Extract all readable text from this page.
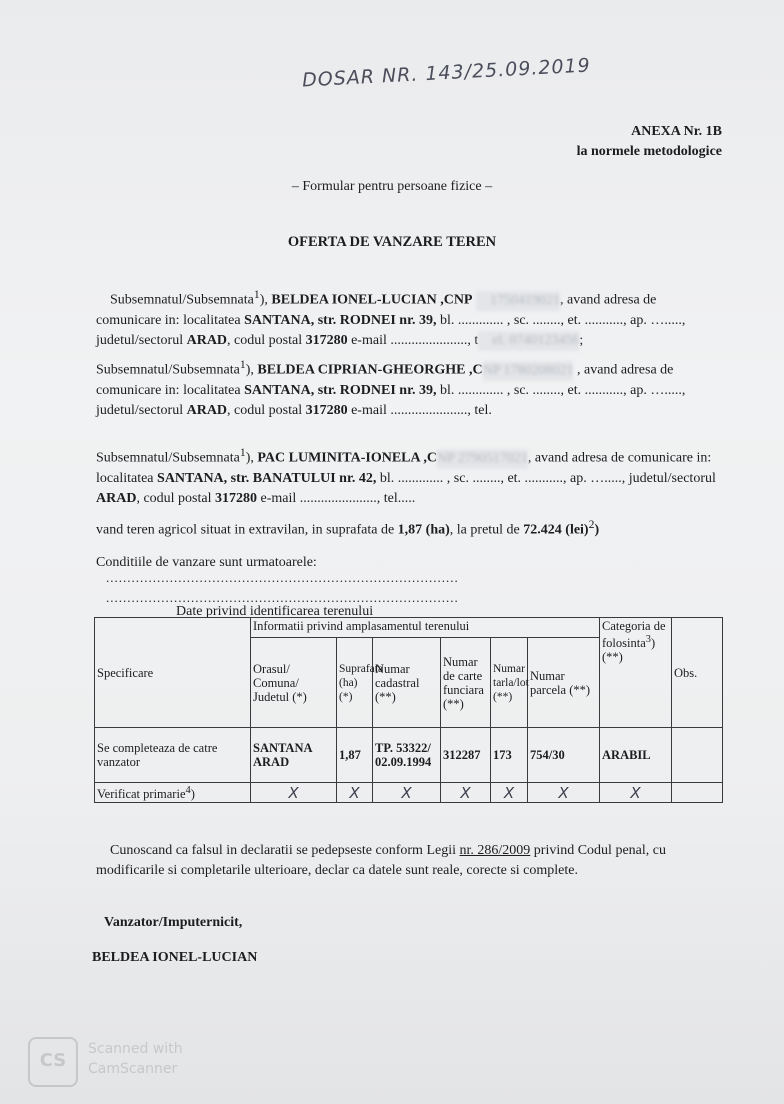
DOSAR NR. 143/25.09.2019
ANEXA Nr. 1B
la normele metodologice
– Formular pentru persoane fizice –
OFERTA DE VANZARE TEREN
Subsemnatul/Subsemnata$^1$), BELDEA IONEL-LUCIAN ,CNP 1750419021, avand adresa de comunicare in: localitatea SANTANA, str. RODNEI nr. 39, bl. ............. , sc. ........, et. ..........., ap. …....., judetul/sectorul ARAD, codul postal 317280 e-mail ......................, t el. 0740123456;
Subsemnatul/Subsemnata$^1$), BELDEA CIPRIAN-GHEORGHE ,CNP 1780208021 , avand adresa de comunicare in: localitatea SANTANA, str. RODNEI nr. 39, bl. ............. , sc. ........, et. ..........., ap. …....., judetul/sectorul ARAD, codul postal 317280 e-mail ......................, tel.
Subsemnatul/Subsemnata$^1$), PAC LUMINITA-IONELA ,CNP 2790517021, avand adresa de comunicare in: localitatea SANTANA, str. BANATULUI nr. 42, bl. ............. , sc. ........, et. ..........., ap. …....., judetul/sectorul ARAD, codul postal 317280 e-mail ......................, tel.....
vand teren agricol situat in extravilan, in suprafata de 1,87 (ha), la pretul de 72.424 (lei)$^2$)
Conditiile de vanzare sunt urmatoarele:
...................................................................................
...................................................................................
Date privind identificarea terenului
Specificare	Informatii privind amplasamentul terenului						Categoria de folosinta$^3$) (**)	Obs.
	Orasul/ Comuna/ Judetul (*)	Suprafata (ha) (*)	Numar cadastral (**)	Numar de carte funciara (**)	Numar tarla/lot (**)	Numar parcela (**)		
Se completeaza de catre vanzator	SANTANA ARAD	1,87	TP. 53322/ 02.09.1994	312287	173	754/30	ARABIL	
Verificat primarie$^4$)	X	X	X	X	X	X	X	
Cunoscand ca falsul in declaratii se pedepseste conform Legii nr. 286/2009 privind Codul penal, cu modificarile si completarile ulterioare, declar ca datele sunt reale, corecte si complete.
Vanzator/Imputernicit,
BELDEA IONEL-LUCIAN
CS
Scanned with
CamScanner
